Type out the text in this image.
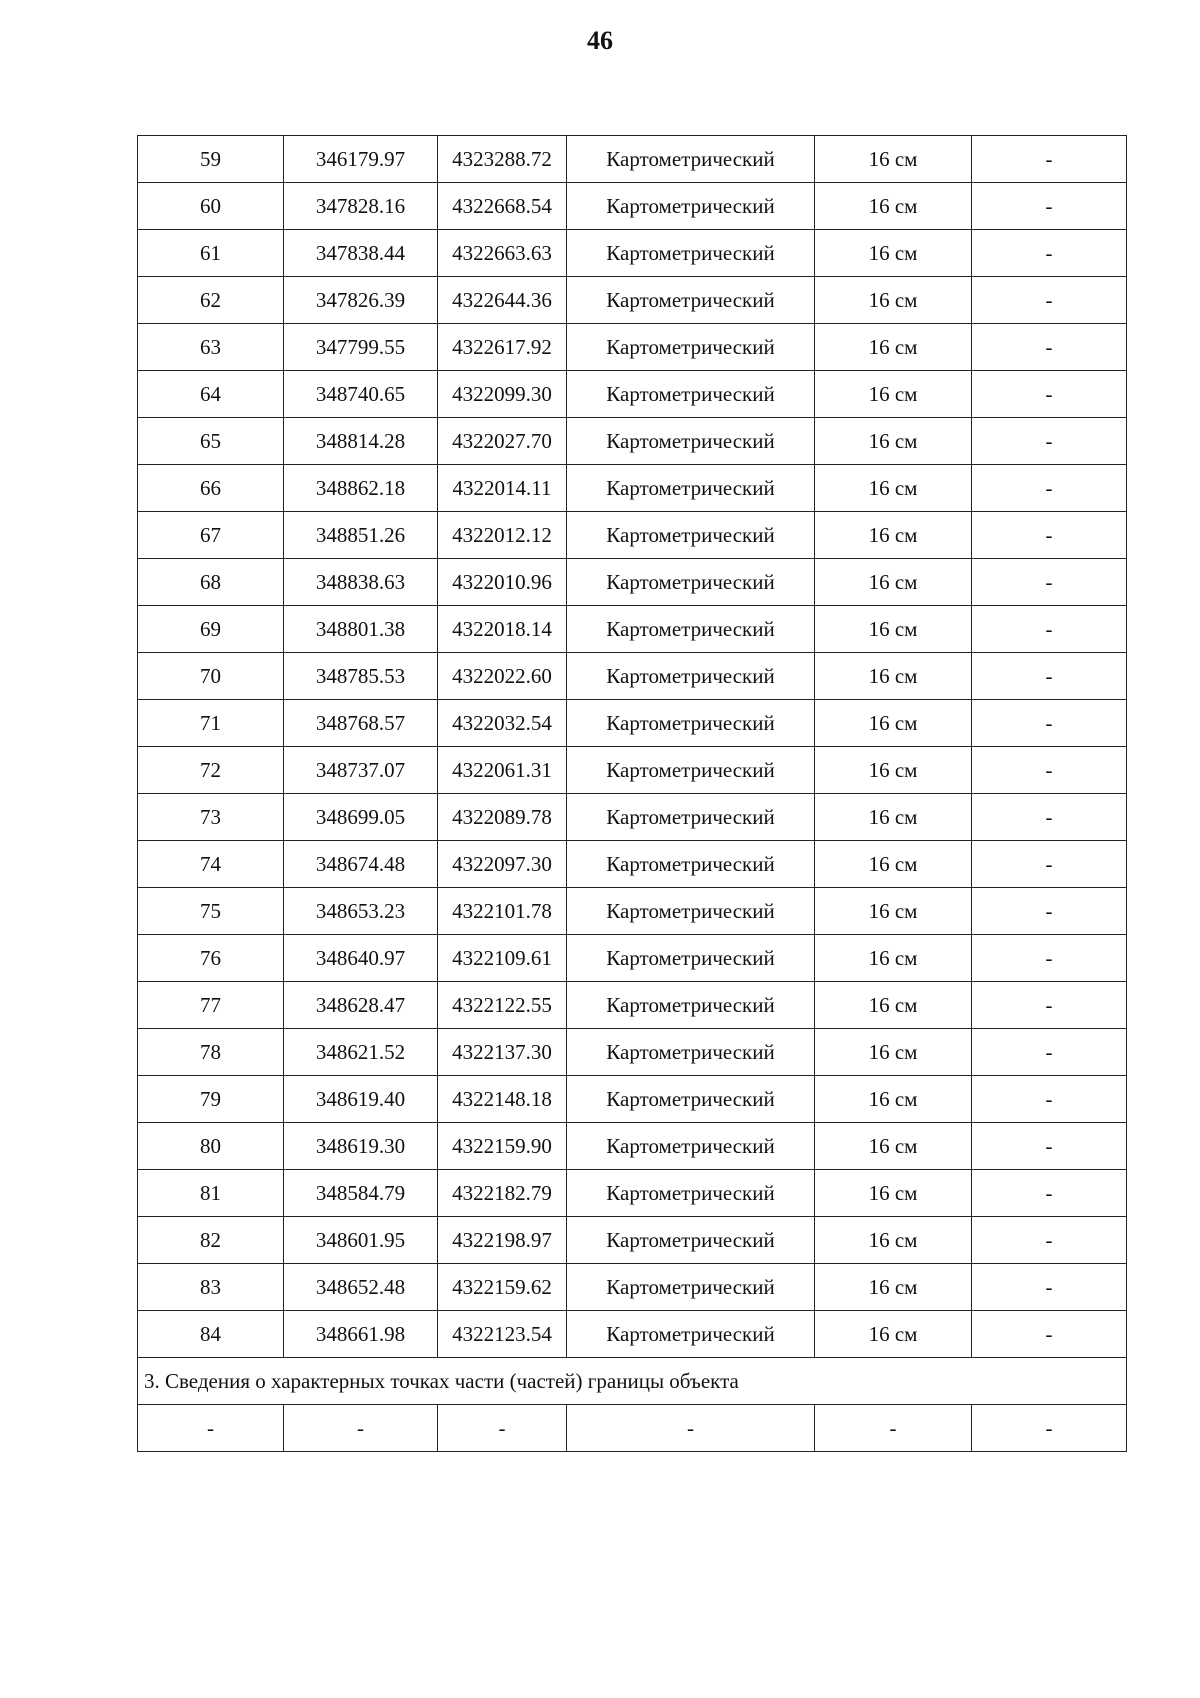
46
59	346179.97	4323288.72	Картометрический	16 см	-
60	347828.16	4322668.54	Картометрический	16 см	-
61	347838.44	4322663.63	Картометрический	16 см	-
62	347826.39	4322644.36	Картометрический	16 см	-
63	347799.55	4322617.92	Картометрический	16 см	-
64	348740.65	4322099.30	Картометрический	16 см	-
65	348814.28	4322027.70	Картометрический	16 см	-
66	348862.18	4322014.11	Картометрический	16 см	-
67	348851.26	4322012.12	Картометрический	16 см	-
68	348838.63	4322010.96	Картометрический	16 см	-
69	348801.38	4322018.14	Картометрический	16 см	-
70	348785.53	4322022.60	Картометрический	16 см	-
71	348768.57	4322032.54	Картометрический	16 см	-
72	348737.07	4322061.31	Картометрический	16 см	-
73	348699.05	4322089.78	Картометрический	16 см	-
74	348674.48	4322097.30	Картометрический	16 см	-
75	348653.23	4322101.78	Картометрический	16 см	-
76	348640.97	4322109.61	Картометрический	16 см	-
77	348628.47	4322122.55	Картометрический	16 см	-
78	348621.52	4322137.30	Картометрический	16 см	-
79	348619.40	4322148.18	Картометрический	16 см	-
80	348619.30	4322159.90	Картометрический	16 см	-
81	348584.79	4322182.79	Картометрический	16 см	-
82	348601.95	4322198.97	Картометрический	16 см	-
83	348652.48	4322159.62	Картометрический	16 см	-
84	348661.98	4322123.54	Картометрический	16 см	-
3. Сведения о характерных точках части (частей) границы объекта					
-	-	-	-	-	-
